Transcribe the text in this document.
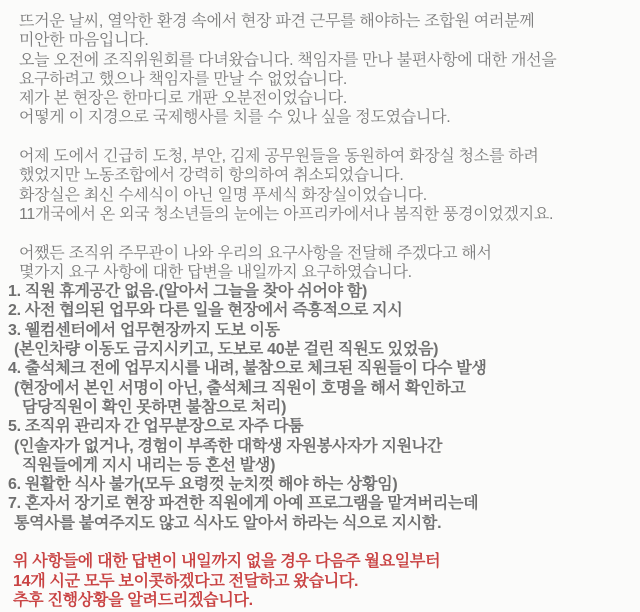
뜨거운 날씨, 열악한 환경 속에서 현장 파견 근무를 해야하는 조합원 여러분께
미안한 마음입니다.
오늘 오전에 조직위원회를 다녀왔습니다. 책임자를 만나 불편사항에 대한 개선을
요구하려고 했으나 책임자를 만날 수 없었습니다.
제가 본 현장은 한마디로 개판 오분전이었습니다.
어떻게 이 지경으로 국제행사를 치를 수 있나 싶을 정도였습니다.
어제 도에서 긴급히 도청, 부안, 김제 공무원들을 동원하여 화장실 청소를 하려
했었지만 노동조합에서 강력히 항의하여 취소되었습니다.
화장실은 최신 수세식이 아닌 일명 푸세식 화장실이었습니다.
11개국에서 온 외국 청소년들의 눈에는 아프리카에서나 봄직한 풍경이었겠지요.
어쨌든 조직위 주무관이 나와 우리의 요구사항을 전달해 주겠다고 해서
몇가지 요구 사항에 대한 답변을 내일까지 요구하였습니다.
1. 직원 휴게공간 없음.(알아서 그늘을 찾아 쉬어야 함)
2. 사전 협의된 업무와 다른 일을 현장에서 즉흥적으로 지시
3. 웰컴센터에서 업무현장까지 도보 이동
(본인차량 이동도 금지시키고, 도보로 40분 걸린 직원도 있었음)
4. 출석체크 전에 업무지시를 내려, 불참으로 체크된 직원들이 다수 발생
(현장에서 본인 서명이 아닌, 출석체크 직원이 호명을 해서 확인하고
담당직원이 확인 못하면 불참으로 처리)
5. 조직위 관리자 간 업무분장으로 자주 다툼
(인솔자가 없거나, 경험이 부족한 대학생 자원봉사자가 지원나간
직원들에게 지시 내리는 등 혼선 발생)
6. 원활한 식사 불가(모두 요령껏 눈치껏 해야 하는 상황임)
7. 혼자서 장기로 현장 파견한 직원에게 아예 프로그램을 맡겨버리는데
통역사를 붙여주지도 않고 식사도 알아서 하라는 식으로 지시함.
위 사항들에 대한 답변이 내일까지 없을 경우 다음주 월요일부터
14개 시군 모두 보이콧하겠다고 전달하고 왔습니다.
추후 진행상황을 알려드리겠습니다.
